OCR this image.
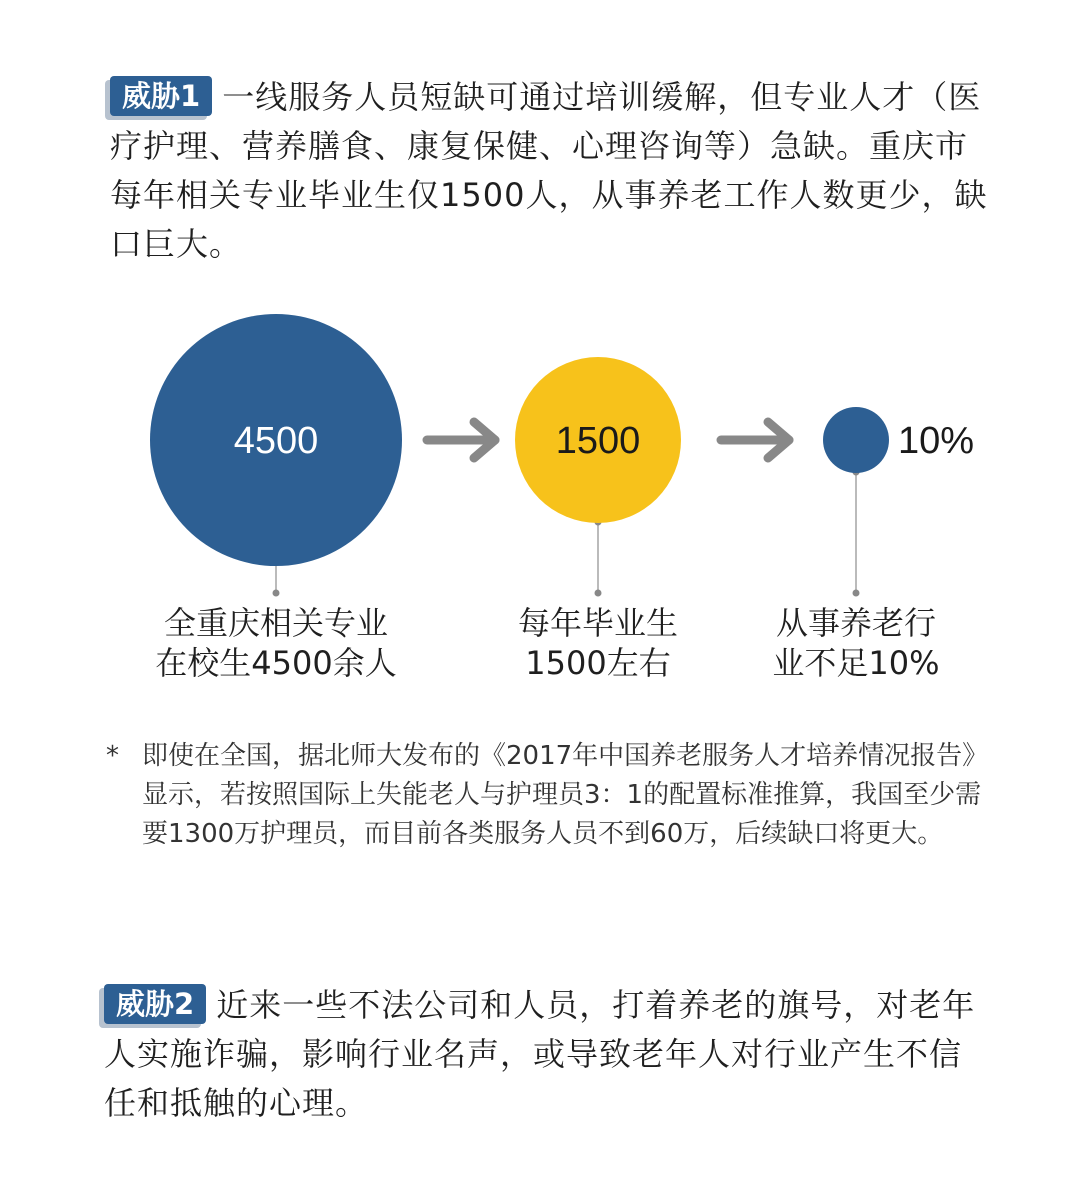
威胁1 一线服务人员短缺可通过培训缓解，但专业人才（医疗护理、营养膳食、康复保健、心理咨询等）急缺。重庆市每年相关专业毕业生仅1500人，从事养老工作人数更少，缺口巨大。
4500	1500	10%
全重庆相关专业
在校生4500余人
每年毕业生
1500左右
从事养老行
业不足10%
* 即使在全国，据北师大发布的《2017年中国养老服务人才培养情况报告》显示，若按照国际上失能老人与护理员3：1的配置标准推算，我国至少需要1300万护理员，而目前各类服务人员不到60万，后续缺口将更大。
威胁2 近来一些不法公司和人员，打着养老的旗号，对老年人实施诈骗，影响行业名声，或导致老年人对行业产生不信任和抵触的心理。
